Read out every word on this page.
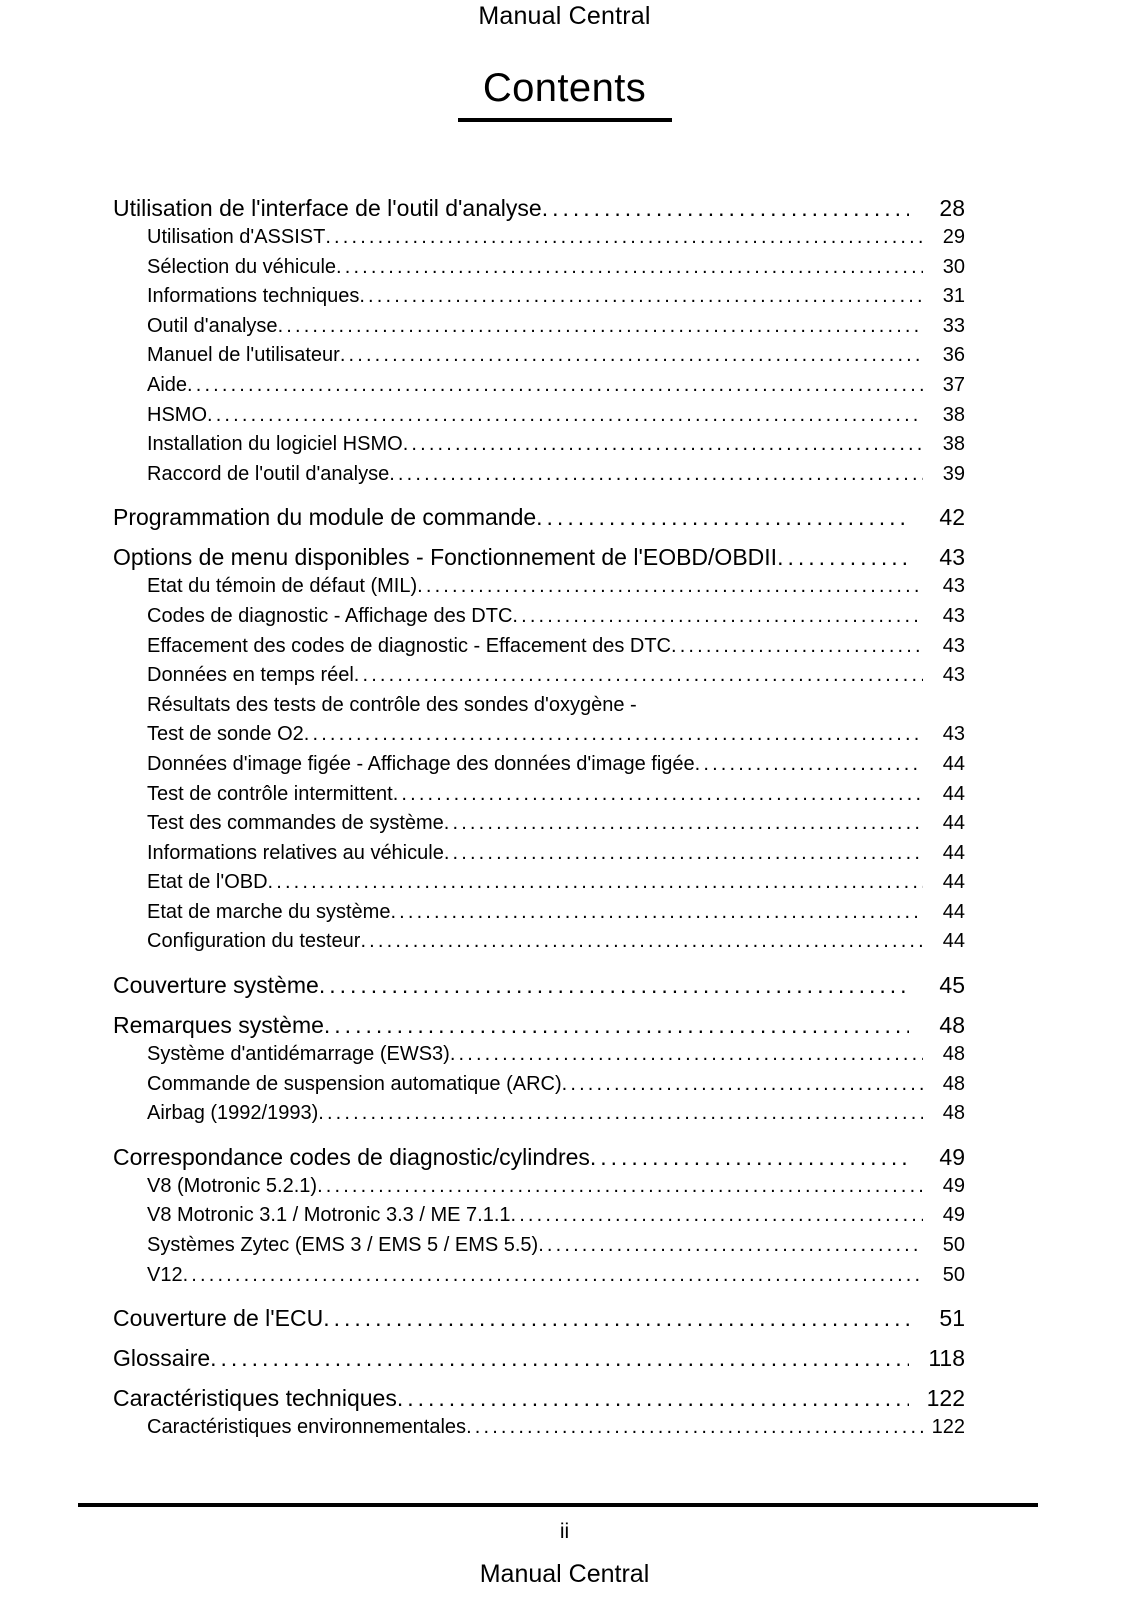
Manual Central
Contents
Utilisation de l'interface de l'outil d'analyse . . .	28
Utilisation d'ASSIST . . .	29
Sélection du véhicule . . .	30
Informations techniques . . .	31
Outil d'analyse . . .	33
Manuel de l'utilisateur . . .	36
Aide . . .	37
HSMO . . .	38
Installation du logiciel HSMO . . .	38
Raccord de l'outil d'analyse . . .	39
Programmation du module de commande . . .	42
Options de menu disponibles - Fonctionnement de l'EOBD/OBDII . . .	43
Etat du témoin de défaut (MIL) . . .	43
Codes de diagnostic - Affichage des DTC . . .	43
Effacement des codes de diagnostic - Effacement des DTC . . .	43
Données en temps réel . . .	43
Résultats des tests de contrôle des sondes d'oxygène -
Test de sonde O2 . . .	43
Données d'image figée - Affichage des données d'image figée . . .	44
Test de contrôle intermittent . . .	44
Test des commandes de système . . .	44
Informations relatives au véhicule . . .	44
Etat de l'OBD . . .	44
Etat de marche du système . . .	44
Configuration du testeur . . .	44
Couverture système . . .	45
Remarques système . . .	48
Système d'antidémarrage (EWS3) . . .	48
Commande de suspension automatique (ARC) . . .	48
Airbag (1992/1993) . . .	48
Correspondance codes de diagnostic/cylindres . . .	49
V8 (Motronic 5.2.1) . . .	49
V8 Motronic 3.1 / Motronic 3.3 / ME 7.1.1 . . .	49
Systèmes Zytec (EMS 3 / EMS 5 / EMS 5.5) . . .	50
V12 . . .	50
Couverture de l'ECU . . .	51
Glossaire . . .	118
Caractéristiques techniques . . .	122
Caractéristiques environnementales . . .	122
ii
Manual Central
